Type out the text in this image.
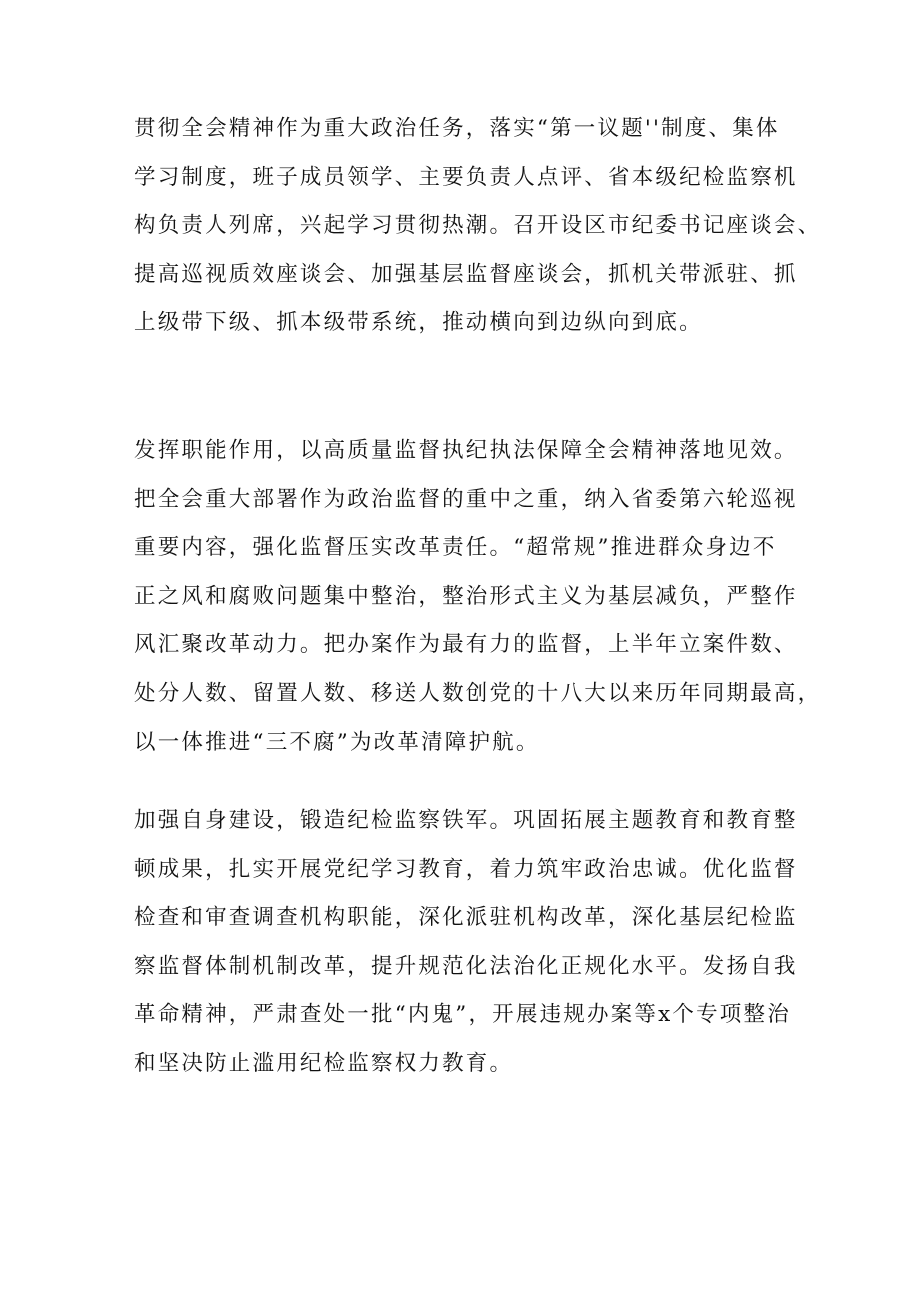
贯彻全会精神作为重大政治任务，落实“第一议题''制度、集体
学习制度，班子成员领学、主要负责人点评、省本级纪检监察机
构负责人列席，兴起学习贯彻热潮。召开设区市纪委书记座谈会、
提高巡视质效座谈会、加强基层监督座谈会，抓机关带派驻、抓
上级带下级、抓本级带系统，推动横向到边纵向到底。
发挥职能作用，以高质量监督执纪执法保障全会精神落地见效。
把全会重大部署作为政治监督的重中之重，纳入省委第六轮巡视
重要内容，强化监督压实改革责任。“超常规”推进群众身边不
正之风和腐败问题集中整治，整治形式主义为基层减负，严整作
风汇聚改革动力。把办案作为最有力的监督，上半年立案件数、
处分人数、留置人数、移送人数创党的十八大以来历年同期最高，
以一体推进“三不腐”为改革清障护航。
加强自身建设，锻造纪检监察铁军。巩固拓展主题教育和教育整
顿成果，扎实开展党纪学习教育，着力筑牢政治忠诚。优化监督
检查和审查调查机构职能，深化派驻机构改革，深化基层纪检监
察监督体制机制改革，提升规范化法治化正规化水平。发扬自我
革命精神，严肃查处一批“内鬼”，开展违规办案等x个专项整治
和坚决防止滥用纪检监察权力教育。
